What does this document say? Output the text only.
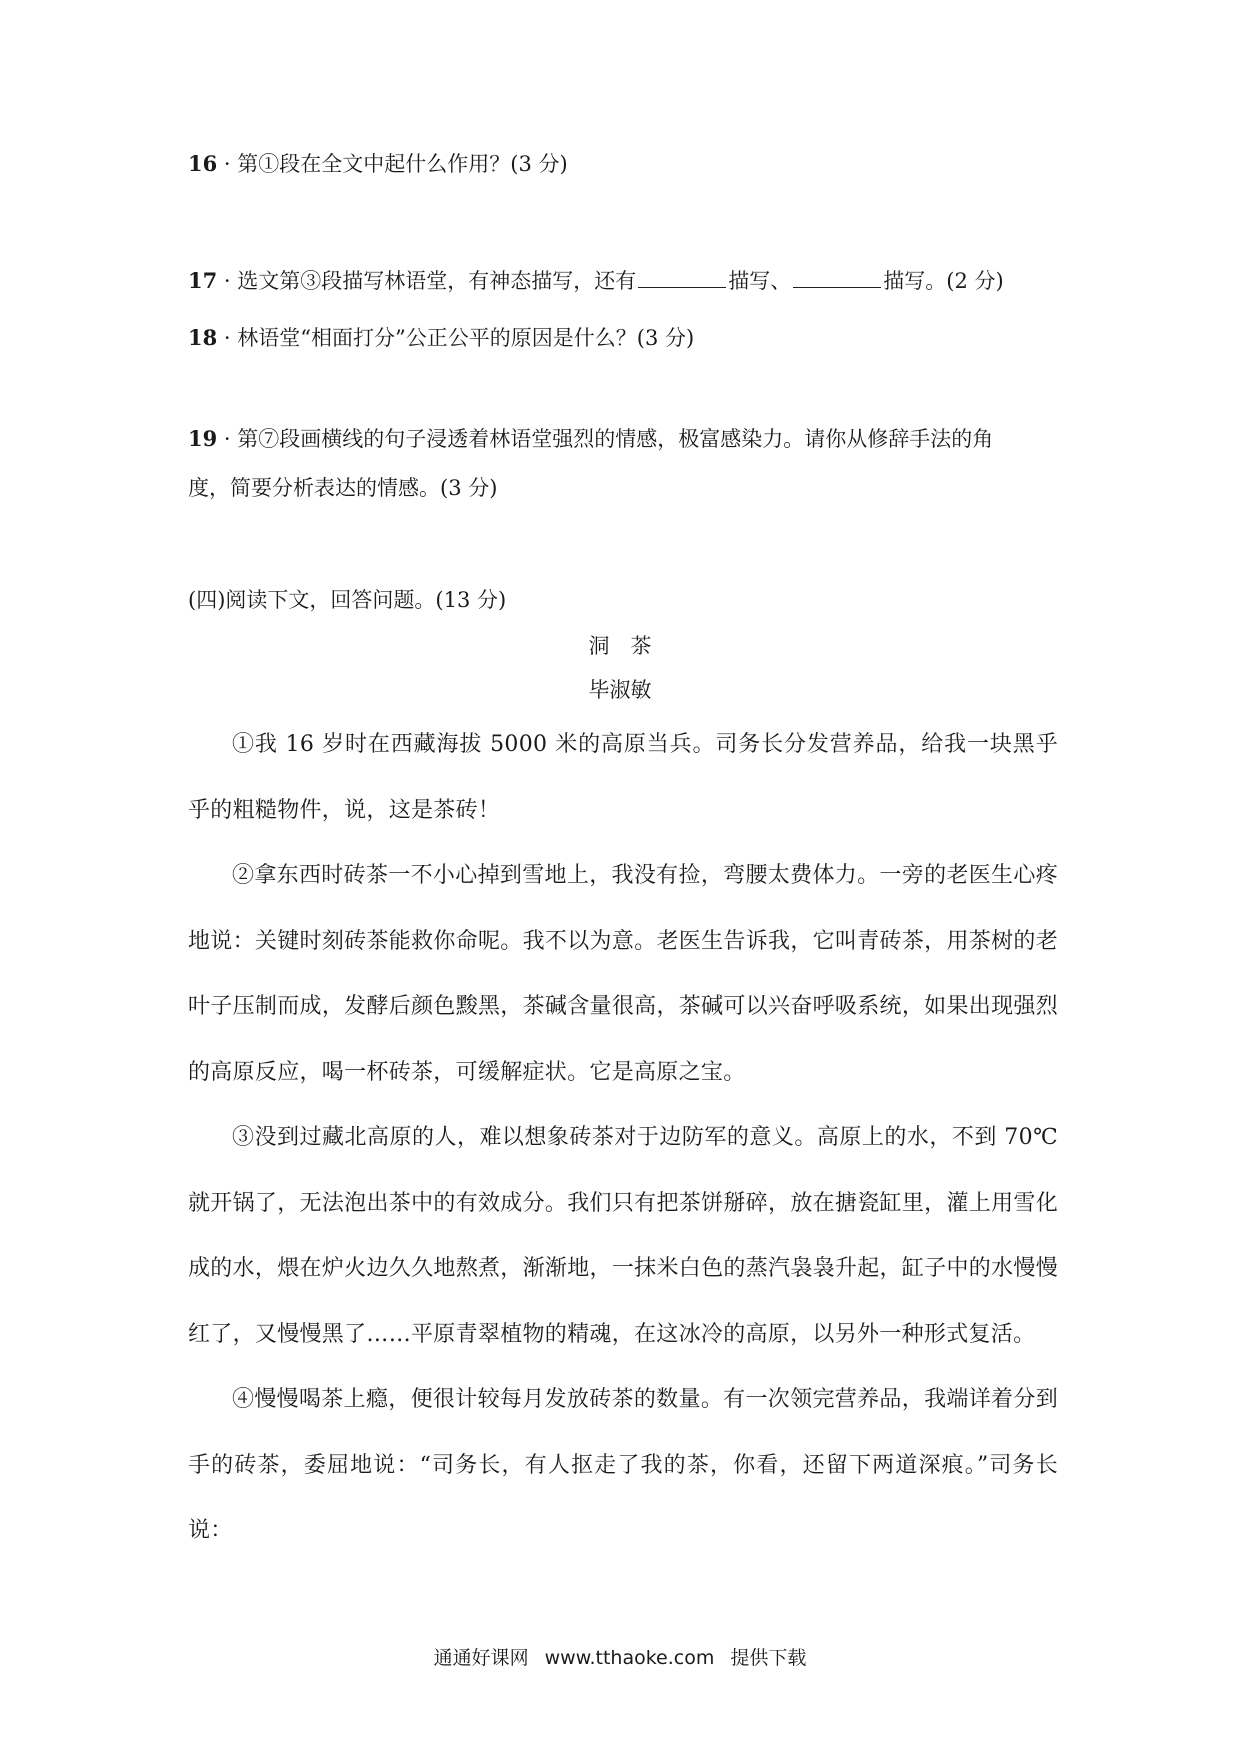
16 · 第①段在全文中起什么作用？(3 分)
17 · 选文第③段描写林语堂，有神态描写，还有	描写、	描写。(2 分)
18 · 林语堂“相面打分”公正公平的原因是什么？(3 分)
19 · 第⑦段画横线的句子浸透着林语堂强烈的情感，极富感染力。请你从修辞手法的角
度，简要分析表达的情感。(3 分)
(四)阅读下文，回答问题。(13 分)
洞　茶
毕淑敏

①我 16 岁时在西藏海拔 5000 米的高原当兵。司务长分发营养品，给我一块黑乎乎的粗糙物件，说，这是茶砖！

②拿东西时砖茶一不小心掉到雪地上，我没有捡，弯腰太费体力。一旁的老医生心疼地说：关键时刻砖茶能救你命呢。我不以为意。老医生告诉我，它叫青砖茶，用茶树的老叶子压制而成，发酵后颜色黢黑，茶碱含量很高，茶碱可以兴奋呼吸系统，如果出现强烈的高原反应，喝一杯砖茶，可缓解症状。它是高原之宝。

③没到过藏北高原的人，难以想象砖茶对于边防军的意义。高原上的水，不到 70℃就开锅了，无法泡出茶中的有效成分。我们只有把茶饼掰碎，放在搪瓷缸里，灌上用雪化成的水，煨在炉火边久久地熬煮，渐渐地，一抹米白色的蒸汽袅袅升起，缸子中的水慢慢红了，又慢慢黑了……平原青翠植物的精魂，在这冰冷的高原，以另外一种形式复活。

④慢慢喝茶上瘾，便很计较每月发放砖茶的数量。有一次领完营养品，我端详着分到手的砖茶，委屈地说：“司务长，有人抠走了我的茶，你看，还留下两道深痕。”司务长说：

通通好课网 www.tthaoke.com 提供下载
